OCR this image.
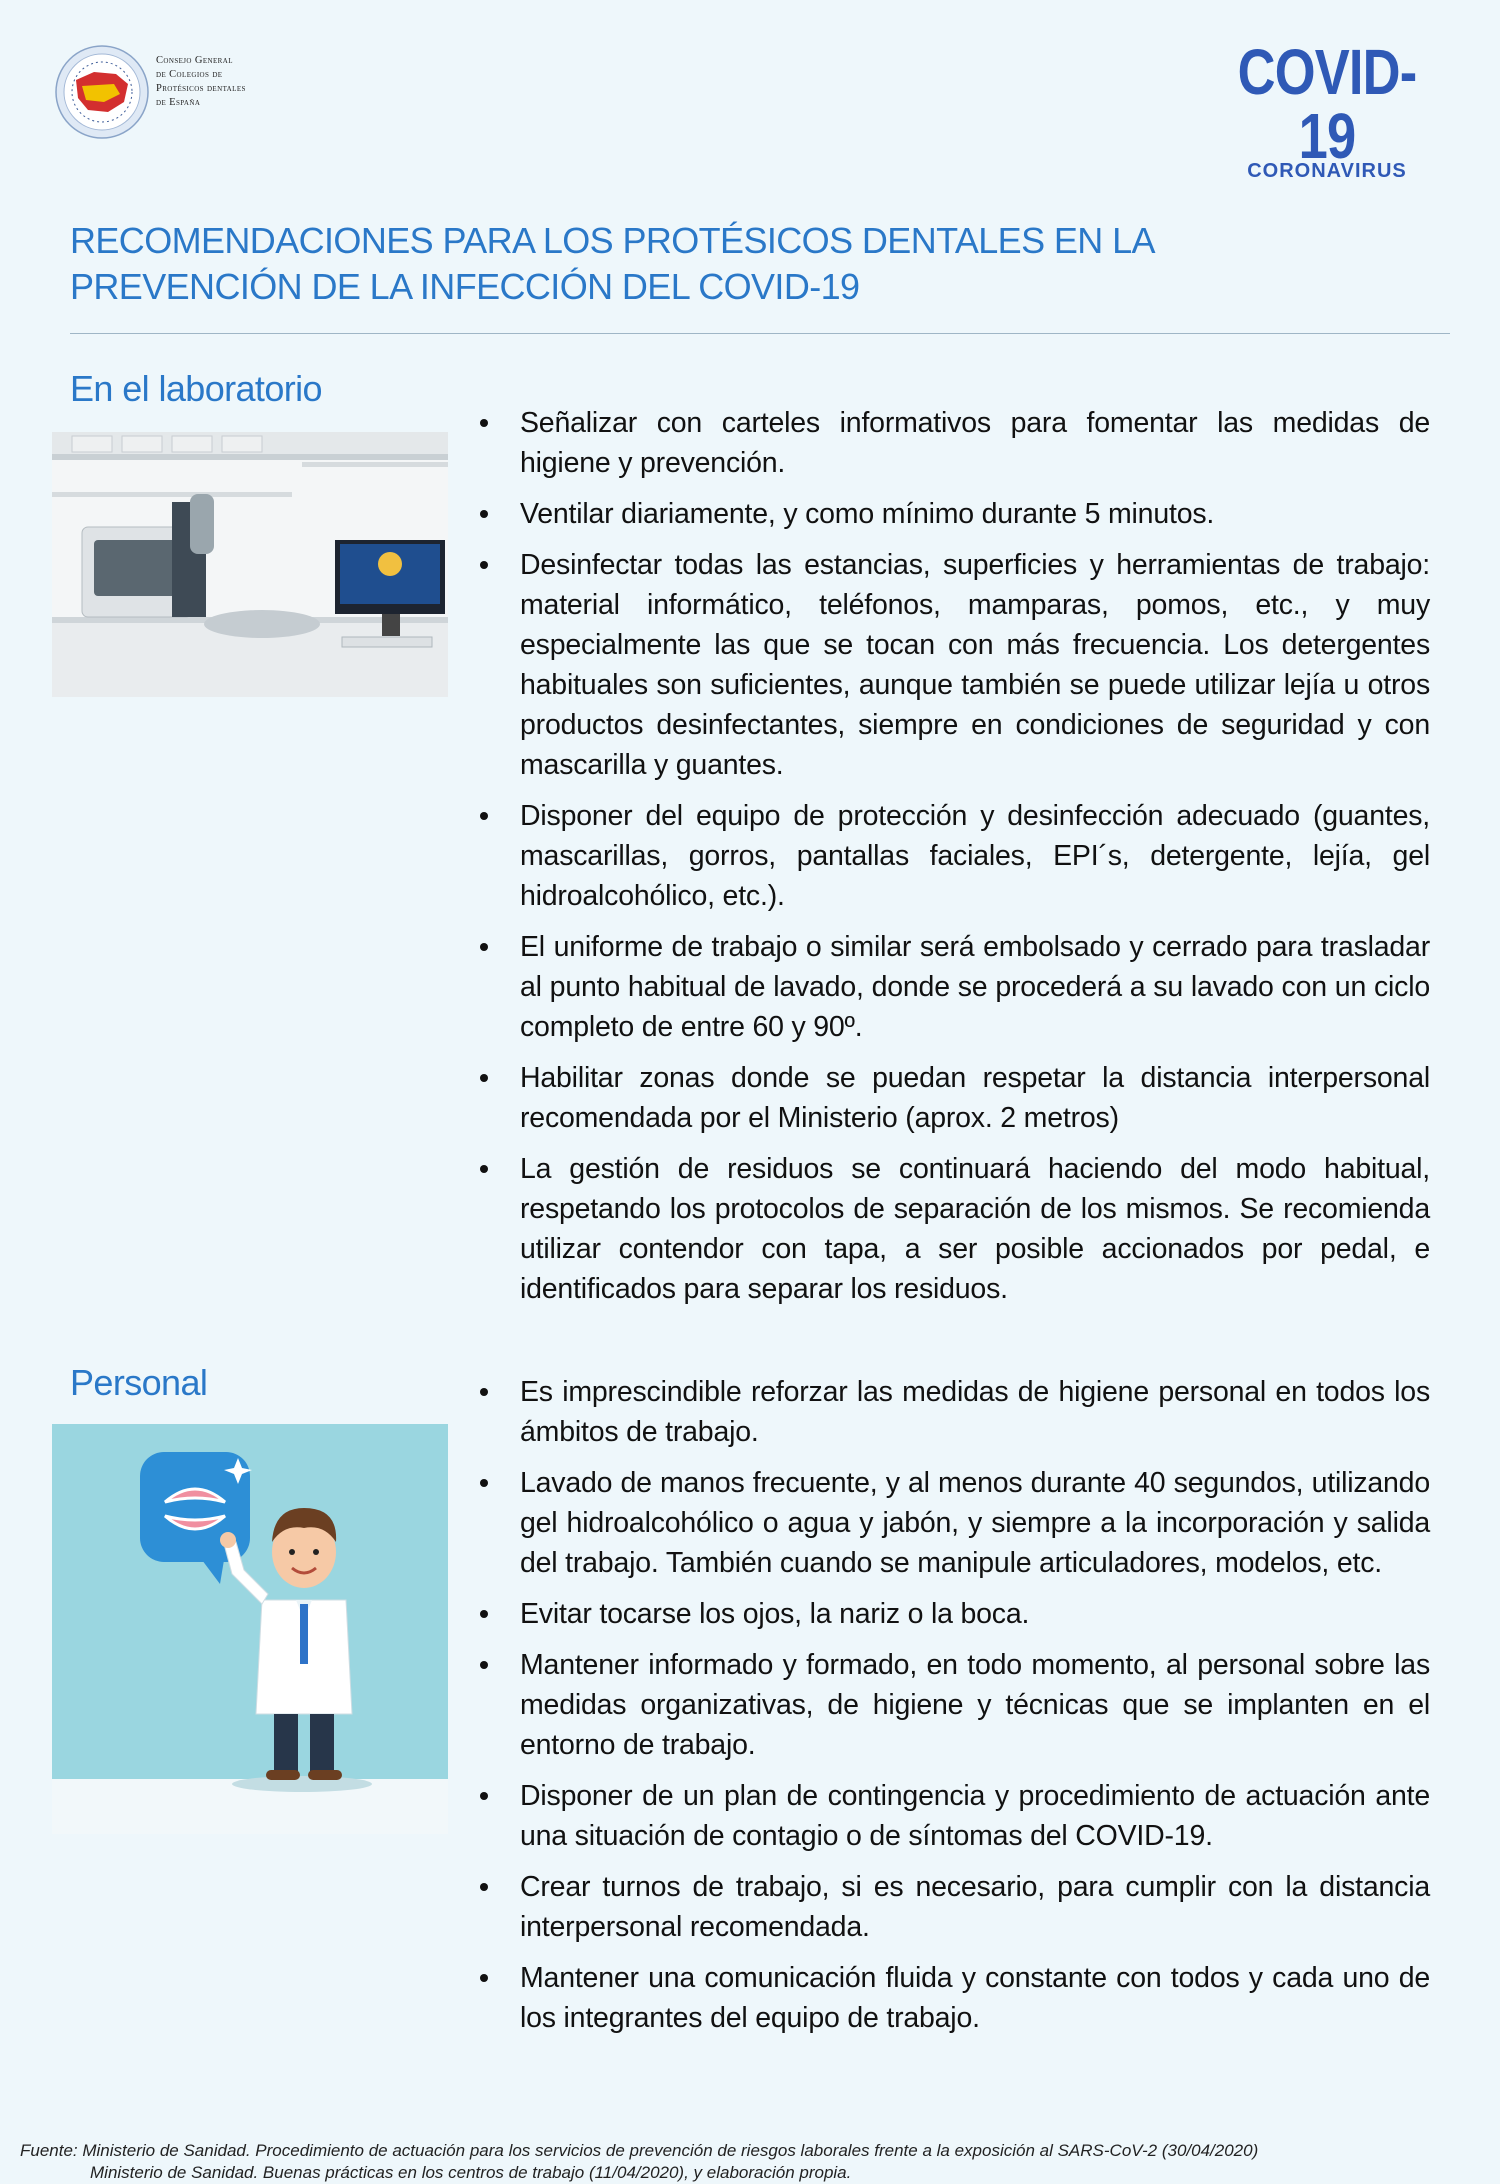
Consejo General
de Colegios de
Protésicos dentales
de España	COVID-19
CORONAVIRUS
RECOMENDACIONES PARA LOS PROTÉSICOS DENTALES EN LA
PREVENCIÓN DE LA INFECCIÓN DEL COVID-19
En el laboratorio
Señalizar con carteles informativos para fomentar las medidas de higiene y prevención.
Ventilar diariamente, y como mínimo durante 5 minutos.
Desinfectar todas las estancias, superficies y herramientas de trabajo: material informático, teléfonos, mamparas, pomos, etc., y muy especialmente las que se tocan con más frecuencia. Los detergentes habituales son suficientes, aunque también se puede utilizar lejía u otros productos desinfectantes, siempre en condiciones de seguridad y con mascarilla y guantes.
Disponer del equipo de protección y desinfección adecuado (guantes, mascarillas, gorros, pantallas faciales, EPI´s, detergente, lejía, gel hidroalcohólico, etc.).
El uniforme de trabajo o similar será embolsado y cerrado para trasladar al punto habitual de lavado, donde se procederá a su lavado con un ciclo completo de entre 60 y 90º.
Habilitar zonas donde se puedan respetar la distancia interpersonal recomendada por el Ministerio (aprox. 2 metros)
La gestión de residuos se continuará haciendo del modo habitual, respetando los protocolos de separación de los mismos. Se recomienda utilizar contendor con tapa, a ser posible accionados por pedal, e identificados para separar los residuos.
Personal	Es imprescindible reforzar las medidas de higiene personal en todos los ámbitos de trabajo.
Lavado de manos frecuente, y al menos durante 40 segundos, utilizando gel hidroalcohólico o agua y jabón, y siempre a la incorporación y salida del trabajo. También cuando se manipule articuladores, modelos, etc.
Evitar tocarse los ojos, la nariz o la boca.
Mantener informado y formado, en todo momento, al personal sobre las medidas organizativas, de higiene y técnicas que se implanten en el entorno de trabajo.
Disponer de un plan de contingencia y procedimiento de actuación ante una situación de contagio o de síntomas del COVID-19.
Crear turnos de trabajo, si es necesario, para cumplir con la distancia interpersonal recomendada.
Mantener una comunicación fluida y constante con todos y cada uno de los integrantes del equipo de trabajo.
Fuente: Ministerio de Sanidad. Procedimiento de actuación para los servicios de prevención de riesgos laborales frente a la exposición al SARS-CoV-2 (30/04/2020)
Ministerio de Sanidad. Buenas prácticas en los centros de trabajo (11/04/2020), y elaboración propia.
